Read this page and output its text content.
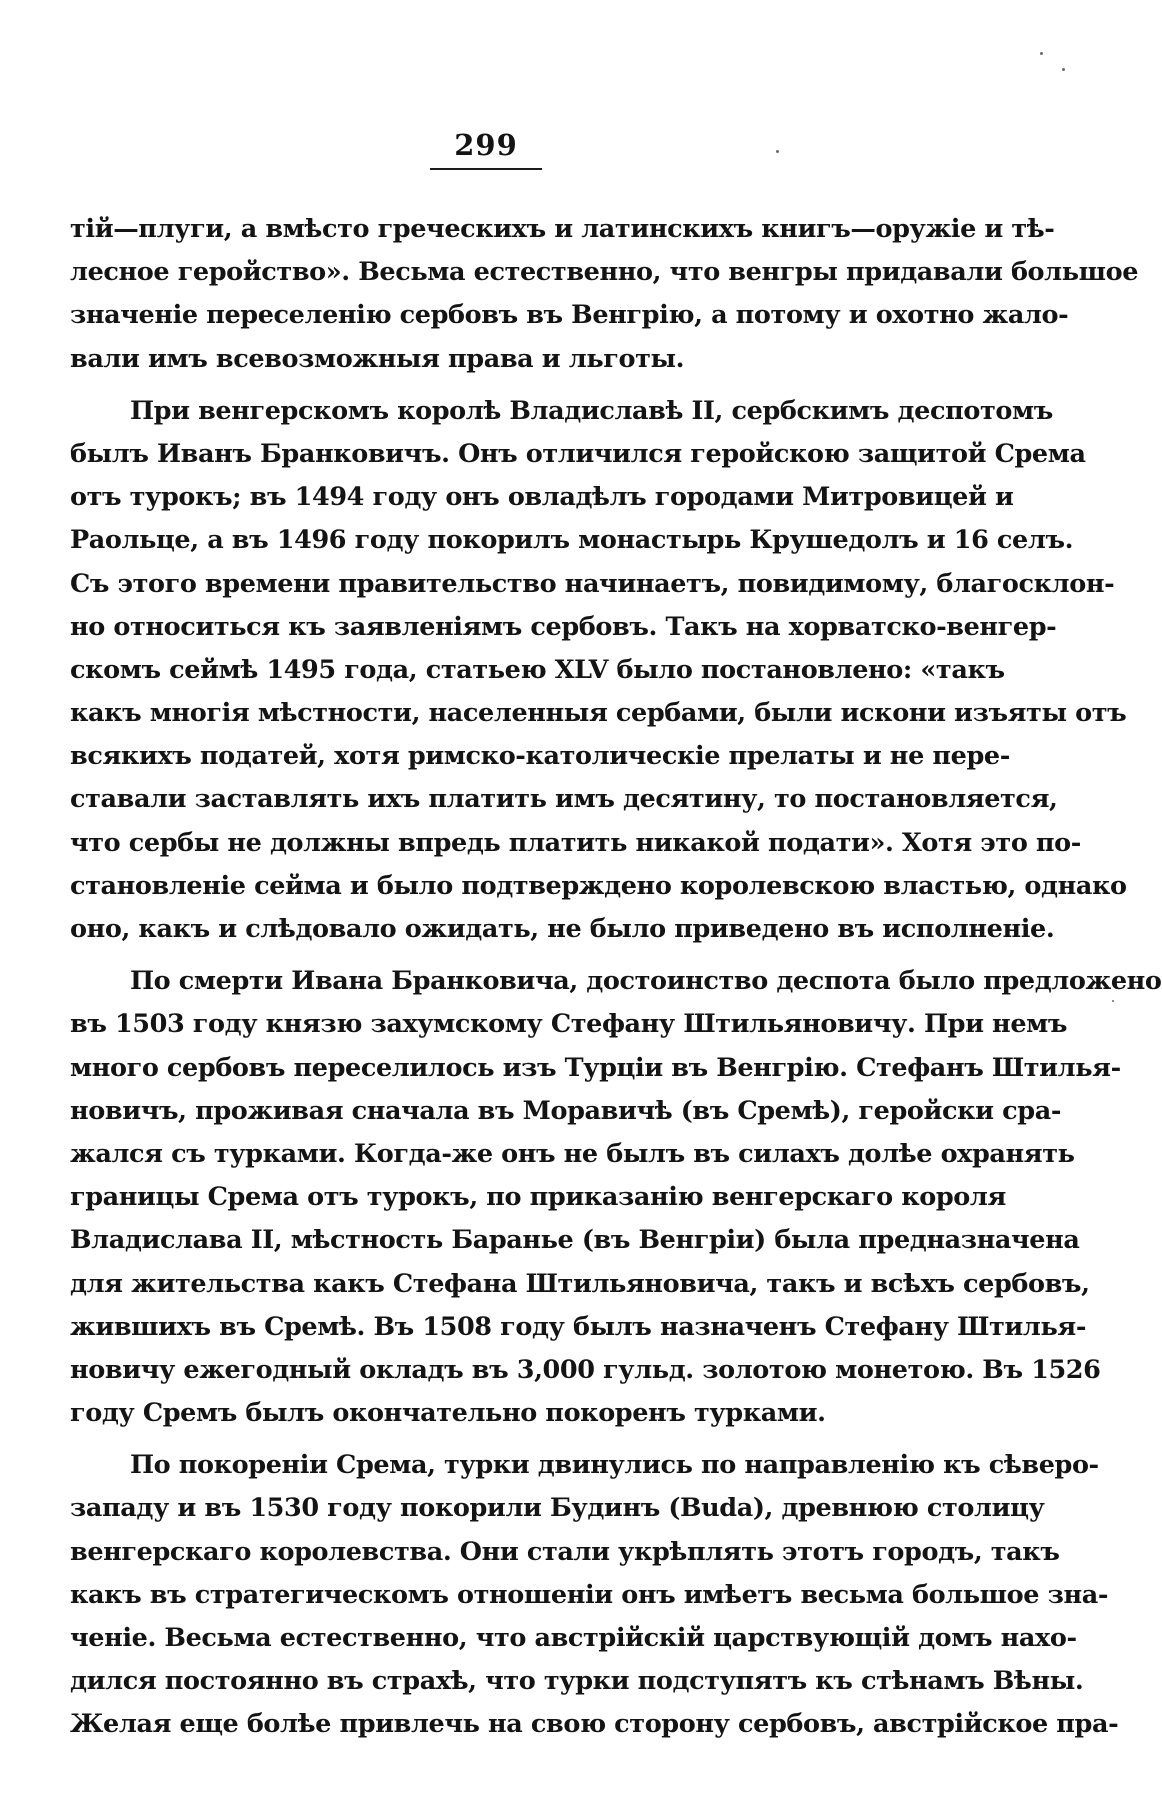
299
тій—плуги, а вмѣсто греческихъ и латинскихъ книгъ—оружіе и тѣ-
лесное геройство». Весьма естественно, что венгры придавали большое
значеніе переселенію сербовъ въ Венгрію, а потому и охотно жало-
вали имъ всевозможныя права и льготы.
При венгерскомъ королѣ Владиславѣ II, сербскимъ деспотомъ
былъ Иванъ Бранковичъ. Онъ отличился геройскою защитой Срема
отъ турокъ; въ 1494 году онъ овладѣлъ городами Митровицей и
Раольце, а въ 1496 году покорилъ монастырь Крушедолъ и 16 селъ.
Съ этого времени правительство начинаетъ, повидимому, благосклон-
но относиться къ заявленіямъ сербовъ. Такъ на хорватско-венгер-
скомъ сеймѣ 1495 года, статьею XLV было постановлено: «такъ
какъ многія мѣстности, населенныя сербами, были искони изъяты отъ
всякихъ податей, хотя римско-католическіе прелаты и не пере-
ставали заставлять ихъ платить имъ десятину, то постановляется,
что сербы не должны впредь платить никакой подати». Хотя это по-
становленіе сейма и было подтверждено королевскою властью, однако
оно, какъ и слѣдовало ожидать, не было приведено въ исполненіе.
По смерти Ивана Бранковича, достоинство деспота было предложено
въ 1503 году князю захумскому Стефану Штильяновичу. При немъ
много сербовъ переселилось изъ Турціи въ Венгрію. Стефанъ Штилья-
новичъ, проживая сначала въ Моравичѣ (въ Сремѣ), геройски сра-
жался съ турками. Когда-же онъ не былъ въ силахъ долѣе охранять
границы Срема отъ турокъ, по приказанію венгерскаго короля
Владислава II, мѣстность Баранье (въ Венгріи) была предназначена
для жительства какъ Стефана Штильяновича, такъ и всѣхъ сербовъ,
жившихъ въ Сремѣ. Въ 1508 году былъ назначенъ Стефану Штилья-
новичу ежегодный окладъ въ 3,000 гульд. золотою монетою. Въ 1526
году Сремъ былъ окончательно покоренъ турками.
По покореніи Срема, турки двинулись по направленію къ сѣверо-
западу и въ 1530 году покорили Будинъ (Buda), древнюю столицу
венгерскаго королевства. Они стали укрѣплять этотъ городъ, такъ
какъ въ стратегическомъ отношеніи онъ имѣетъ весьма большое зна-
ченіе. Весьма естественно, что австрійскій царствующій домъ нахо-
дился постоянно въ страхѣ, что турки подступятъ къ стѣнамъ Вѣны.
Желая еще болѣе привлечь на свою сторону сербовъ, австрійское пра-
